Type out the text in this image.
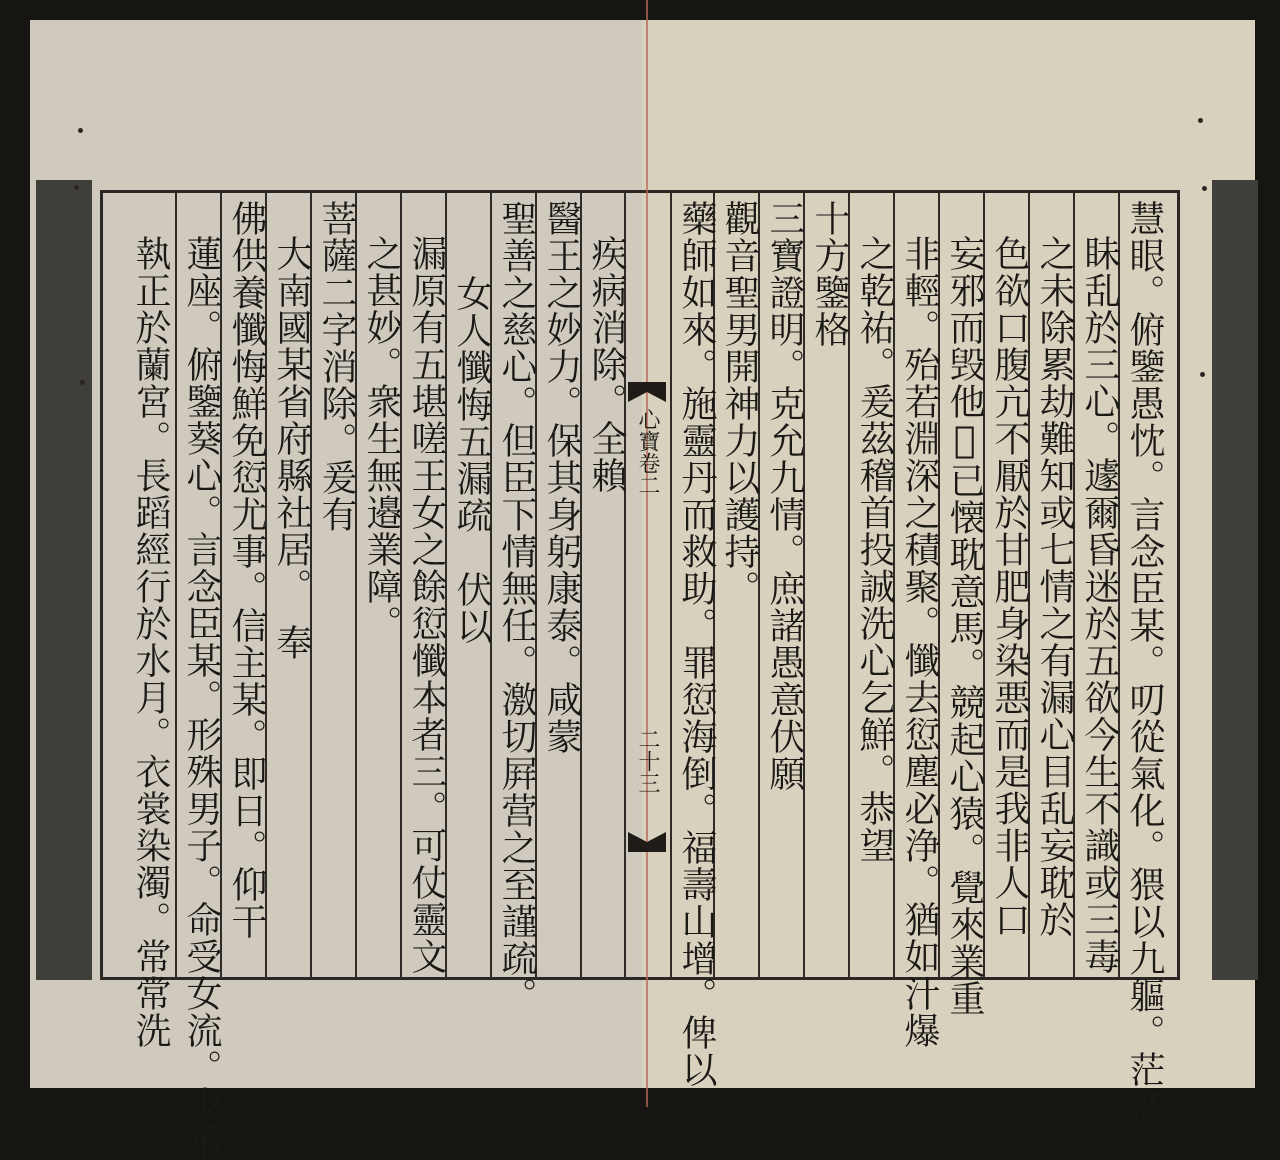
心寶卷二
二十三	慧眼。俯鑒愚忱。言念臣某。叨從氣化。猥以九軀。茫然
眛乱於三心。遽爾昏迷於五欲今生不識或三毒
之未除累劫難知或七情之有漏心目乱妄耽於
色欲口腹亢不厭於甘肥身染悪而是我非人口
妄邪而毁他𠰩已懐耽意馬。競起心猿。覺來業重
非輕。殆若淵深之積聚。懺去愆塵必浄。猶如汁爆
之乾祐。爰茲稽首投誠洗心乞鮮。恭望
十方鑒格
三寶證明。克允九情。庶諸愚意伏願
觀音聖男開神力以護持。
藥師如來。施靈丹而救助。罪愆海倒。福壽山增。俾以
疾病消除。全賴
醫王之妙力。保其身躬康泰。咸蒙
聖善之慈心。但臣下情無任。激切屛营之至謹疏。
女人懺悔五漏疏　伏以
漏原有五堪嗟王女之餘愆懺本者三。可仗靈文
之甚妙。衆生無邉業障。
菩薩二字消除。爰有
大南國某省府縣社居。　奉
佛供養懺悔鮮免愆尤事。信主某。即日。仰干
蓮座。俯鑒葵心。言念臣某。形殊男子。命受女流。少承
執正於蘭宮。長蹈經行於水月。衣裳染濁。常常洗
